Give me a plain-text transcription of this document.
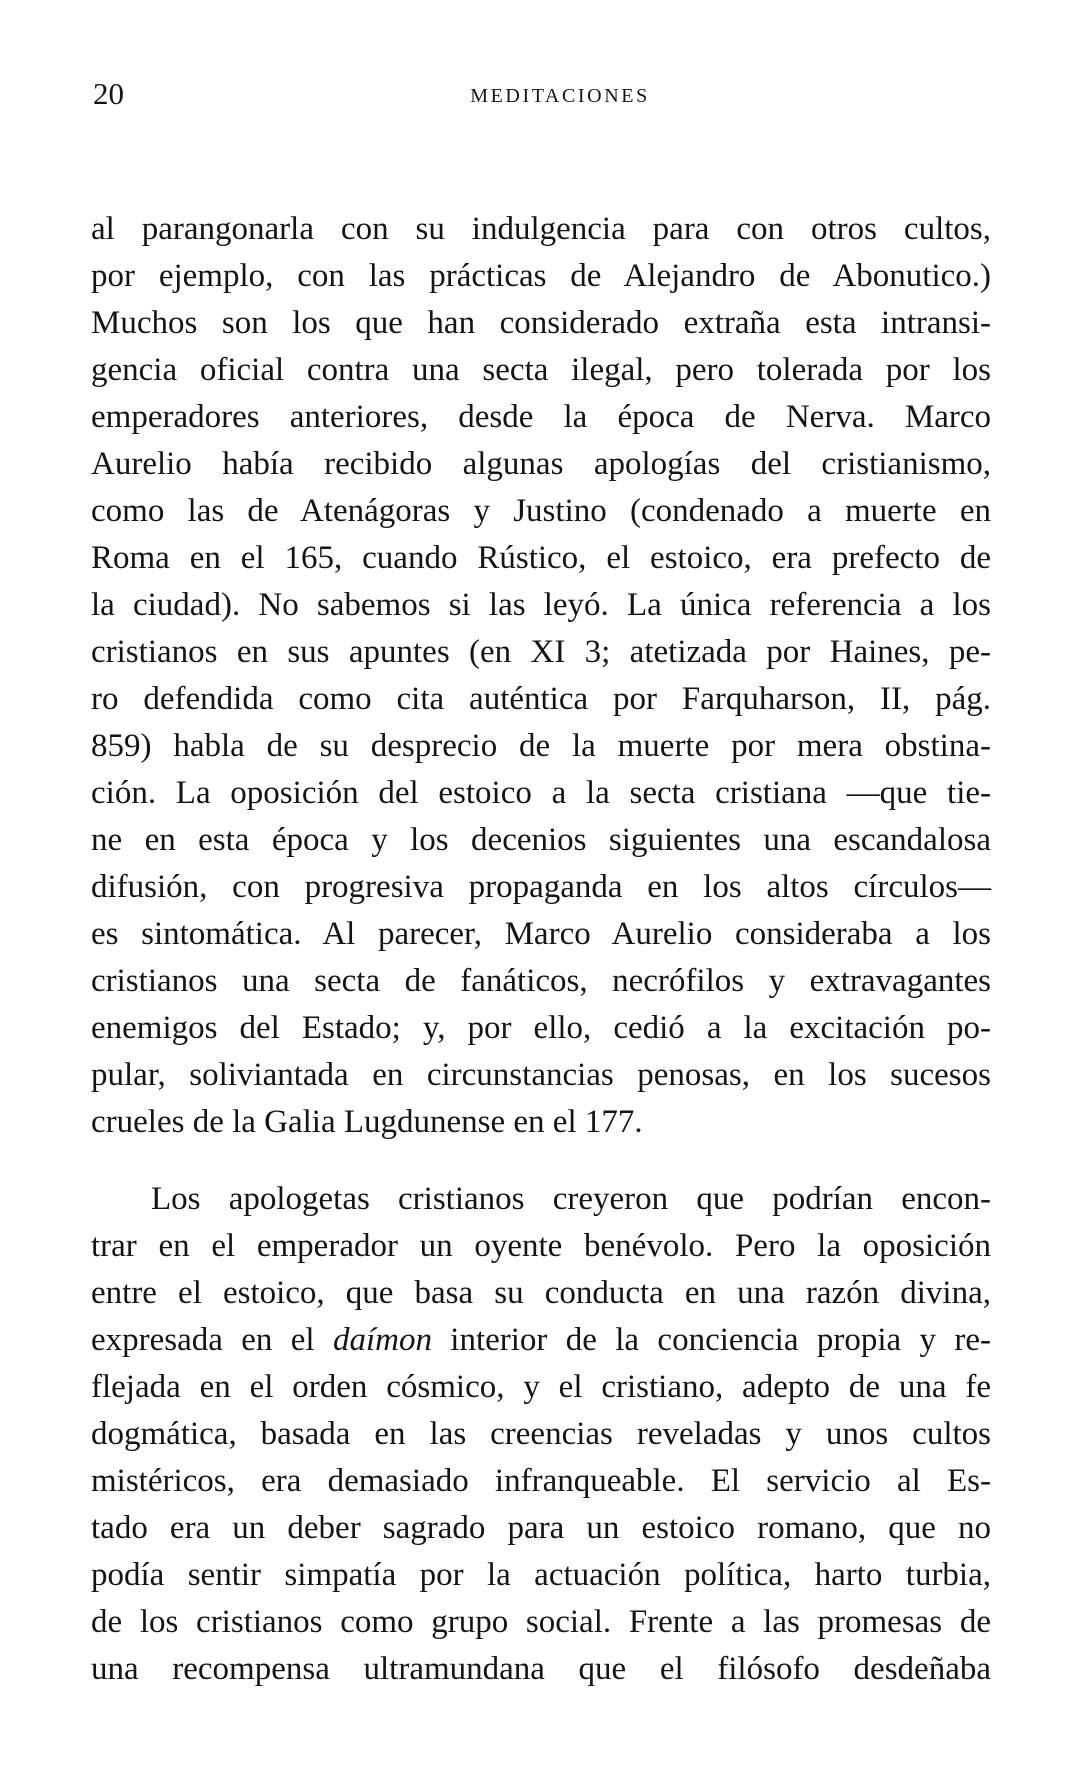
20	MEDITACIONES

al parangonarla con su indulgencia para con otros cultos,
por ejemplo, con las prácticas de Alejandro de Abonutico.)
Muchos son los que han considerado extraña esta intransi-
gencia oficial contra una secta ilegal, pero tolerada por los
emperadores anteriores, desde la época de Nerva. Marco
Aurelio había recibido algunas apologías del cristianismo,
como las de Atenágoras y Justino (condenado a muerte en
Roma en el 165, cuando Rústico, el estoico, era prefecto de
la ciudad). No sabemos si las leyó. La única referencia a los
cristianos en sus apuntes (en XI 3; atetizada por Haines, pe-
ro defendida como cita auténtica por Farquharson, II, pág.
859) habla de su desprecio de la muerte por mera obstina-
ción. La oposición del estoico a la secta cristiana —que tie-
ne en esta época y los decenios siguientes una escandalosa
difusión, con progresiva propaganda en los altos círculos—
es sintomática. Al parecer, Marco Aurelio consideraba a los
cristianos una secta de fanáticos, necrófilos y extravagantes
enemigos del Estado; y, por ello, cedió a la excitación po-
pular, soliviantada en circunstancias penosas, en los sucesos
crueles de la Galia Lugdunense en el 177.
Los apologetas cristianos creyeron que podrían encon-
trar en el emperador un oyente benévolo. Pero la oposición
entre el estoico, que basa su conducta en una razón divina,
expresada en el daímon interior de la conciencia propia y re-
flejada en el orden cósmico, y el cristiano, adepto de una fe
dogmática, basada en las creencias reveladas y unos cultos
mistéricos, era demasiado infranqueable. El servicio al Es-
tado era un deber sagrado para un estoico romano, que no
podía sentir simpatía por la actuación política, harto turbia,
de los cristianos como grupo social. Frente a las promesas de
una recompensa ultramundana que el filósofo desdeñaba
